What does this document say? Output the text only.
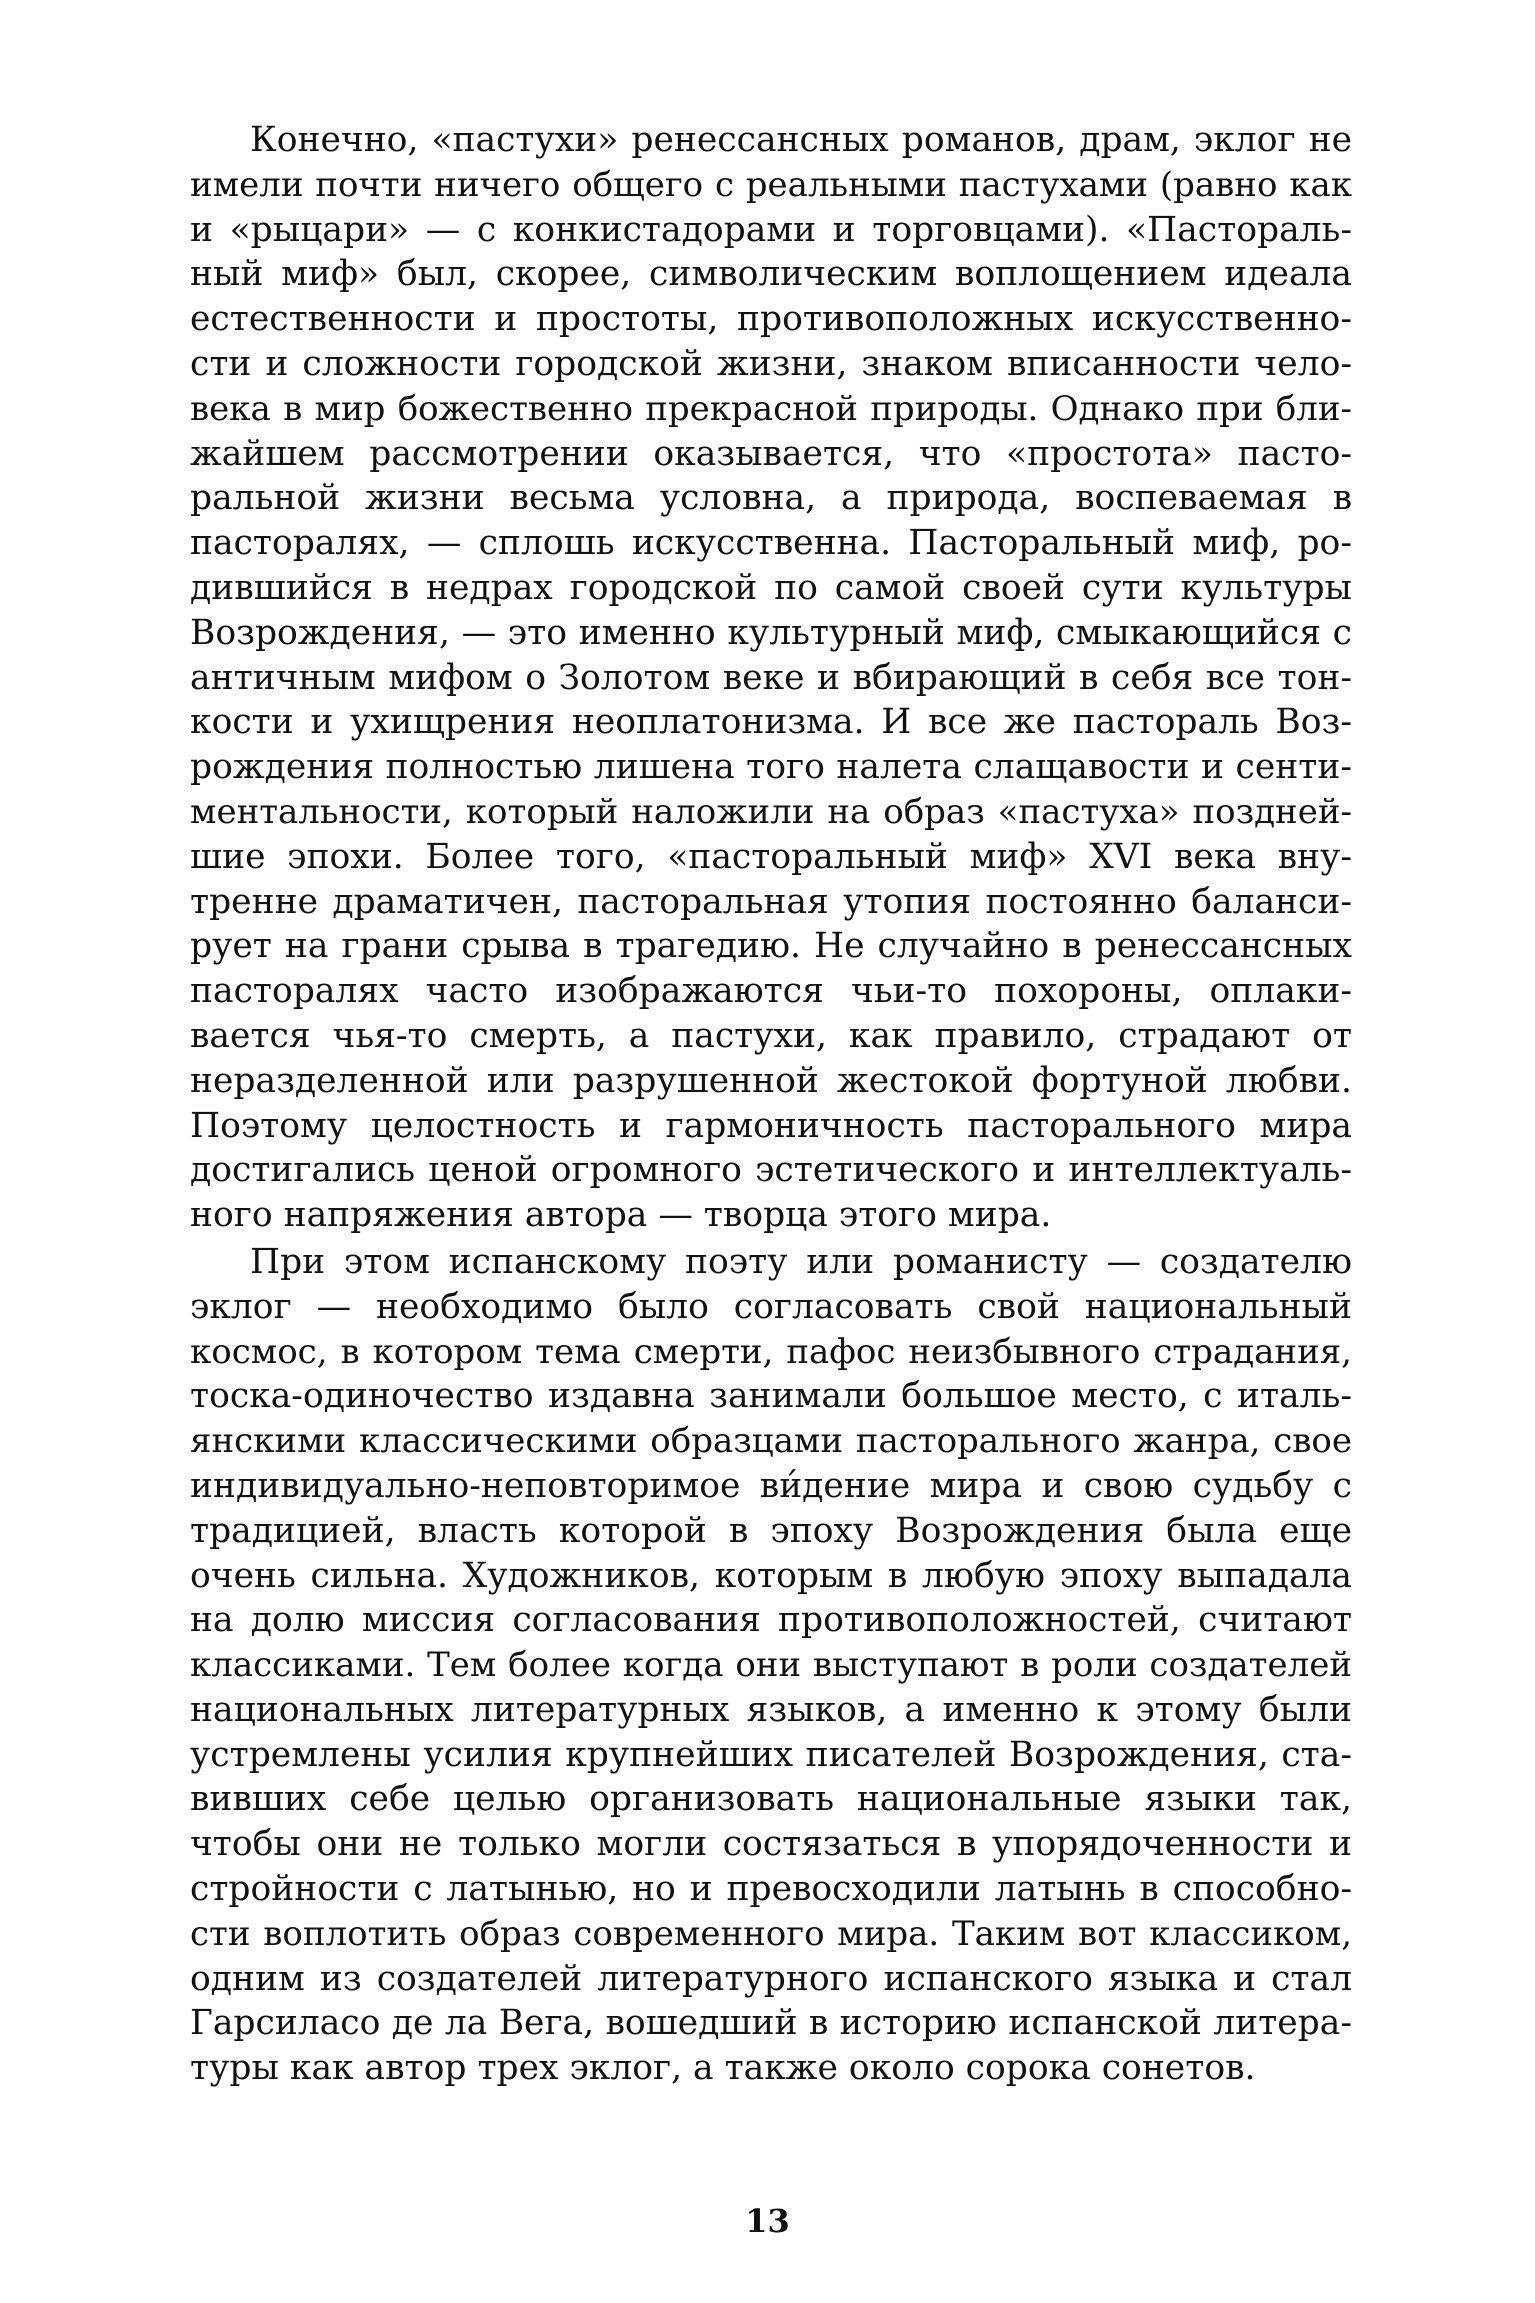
Конечно, «пастухи» ренессансных романов, драм, эклог не
имели почти ничего общего с реальными пастухами (равно как
и «рыцари» — с конкистадорами и торговцами). «Пастораль-
ный миф» был, скорее, символическим воплощением идеала
естественности и простоты, противоположных искусственно-
сти и сложности городской жизни, знаком вписанности чело-
века в мир божественно прекрасной природы. Однако при бли-
жайшем рассмотрении оказывается, что «простота» пасто-
ральной жизни весьма условна, а природа, воспеваемая в
пасторалях, — сплошь искусственна. Пасторальный миф, ро-
дившийся в недрах городской по самой своей сути культуры
Возрождения, — это именно культурный миф, смыкающийся с
античным мифом о Золотом веке и вбирающий в себя все тон-
кости и ухищрения неоплатонизма. И все же пастораль Воз-
рождения полностью лишена того налета слащавости и сенти-
ментальности, который наложили на образ «пастуха» поздней-
шие эпохи. Более того, «пасторальный миф» XVI века вну-
тренне драматичен, пасторальная утопия постоянно баланси-
рует на грани срыва в трагедию. Не случайно в ренессансных
пасторалях часто изображаются чьи-то похороны, оплаки-
вается чья-то смерть, а пастухи, как правило, страдают от
неразделенной или разрушенной жестокой фортуной любви.
Поэтому целостность и гармоничность пасторального мира
достигались ценой огромного эстетического и интеллектуаль-
ного напряжения автора — творца этого мира.

При этом испанскому поэту или романисту — создателю
эклог — необходимо было согласовать свой национальный
космос, в котором тема смерти, пафос неизбывного страдания,
тоска-одиночество издавна занимали большое место, с италь-
янскими классическими образцами пасторального жанра, свое
индивидуально-неповторимое ви́дение мира и свою судьбу с
традицией, власть которой в эпоху Возрождения была еще
очень сильна. Художников, которым в любую эпоху выпадала
на долю миссия согласования противоположностей, считают
классиками. Тем более когда они выступают в роли создателей
национальных литературных языков, а именно к этому были
устремлены усилия крупнейших писателей Возрождения, ста-
вивших себе целью организовать национальные языки так,
чтобы они не только могли состязаться в упорядоченности и
стройности с латынью, но и превосходили латынь в способно-
сти воплотить образ современного мира. Таким вот классиком,
одним из создателей литературного испанского языка и стал
Гарсиласо де ла Вега, вошедший в историю испанской литера-
туры как автор трех эклог, а также около сорока сонетов.

13
